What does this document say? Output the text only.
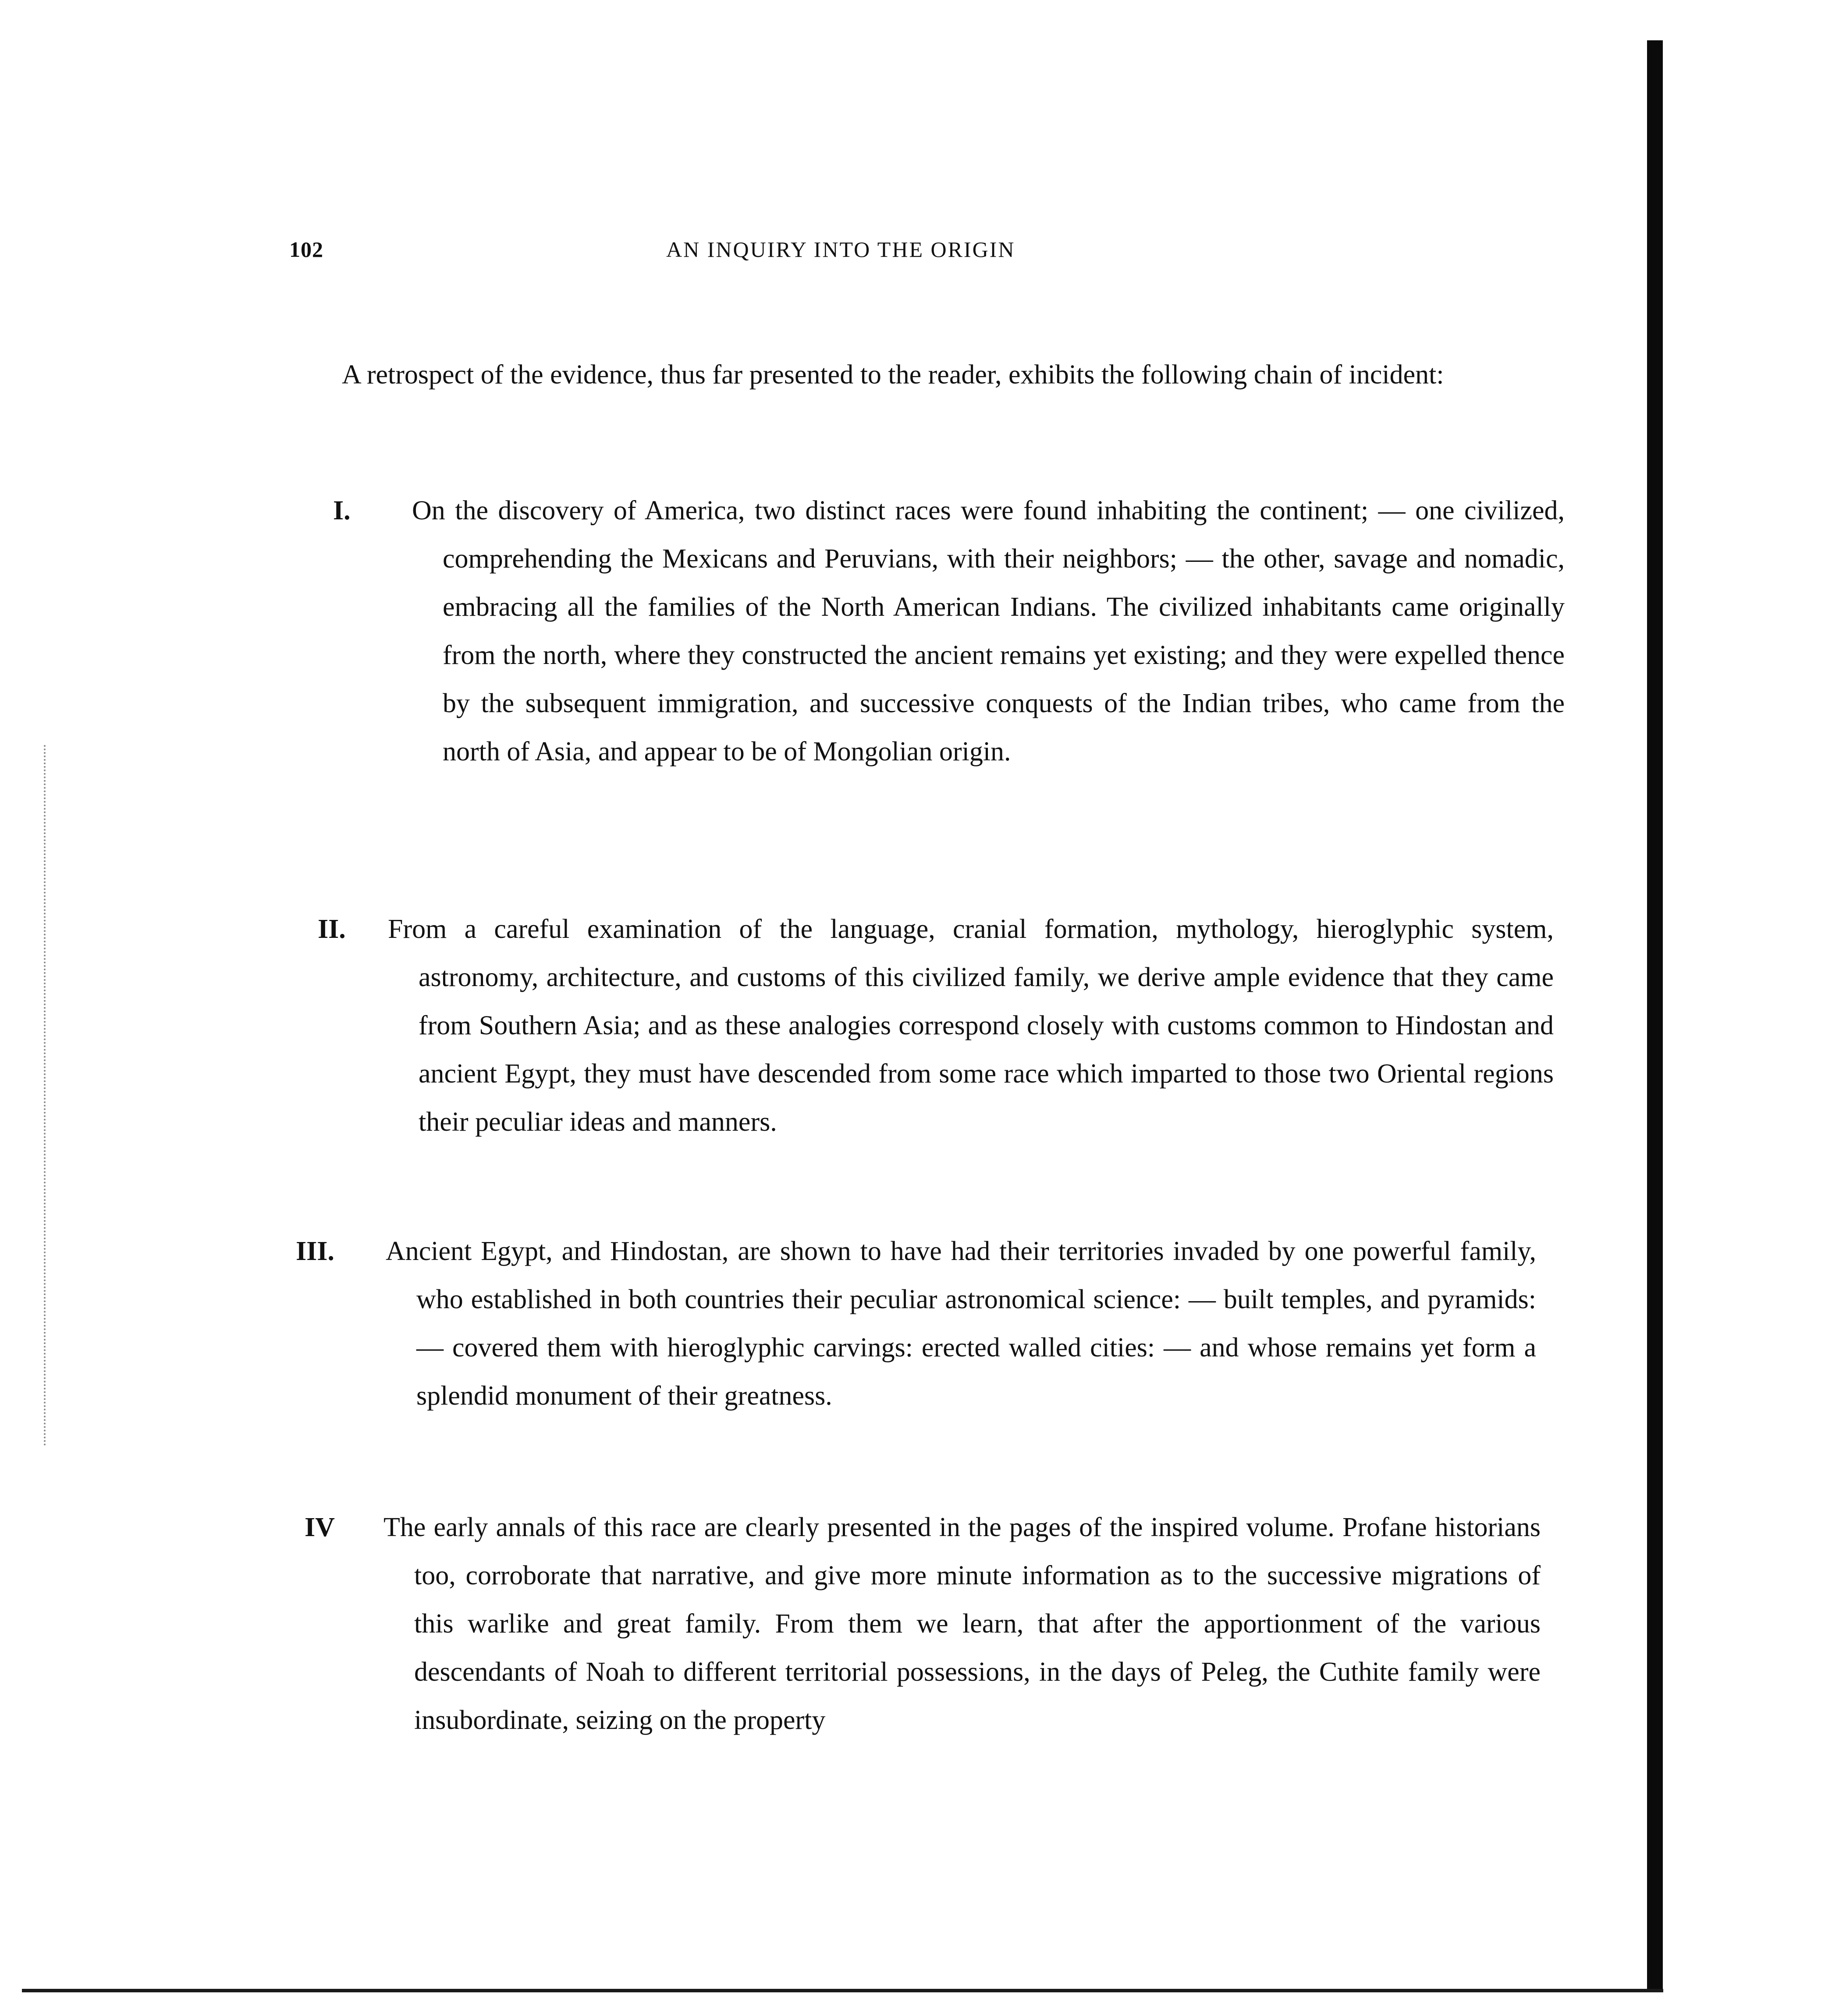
102	AN INQUIRY INTO THE ORIGIN
A retrospect of the evidence, thus far presented to the reader, exhibits the following chain of incident:
I. On the discovery of America, two distinct races were found inhabiting the continent; — one civilized, comprehending the Mexicans and Peruvians, with their neighbors; — the other, savage and nomadic, embracing all the families of the North American Indians. The civilized inhabitants came originally from the north, where they constructed the ancient remains yet existing; and they were expelled thence by the subsequent immigration, and successive conquests of the Indian tribes, who came from the north of Asia, and appear to be of Mongolian origin.
II. From a careful examination of the language, cranial formation, mythology, hieroglyphic system, astronomy, architecture, and customs of this civilized family, we derive ample evidence that they came from Southern Asia; and as these analogies correspond closely with customs common to Hindostan and ancient Egypt, they must have descended from some race which imparted to those two Oriental regions their peculiar ideas and manners.
III. Ancient Egypt, and Hindostan, are shown to have had their territories invaded by one powerful family, who established in both countries their peculiar astronomical science: — built temples, and pyramids: — covered them with hieroglyphic carvings: erected walled cities: — and whose remains yet form a splendid monument of their greatness.
IV The early annals of this race are clearly presented in the pages of the inspired volume. Profane historians too, corroborate that narrative, and give more minute information as to the successive migrations of this warlike and great family. From them we learn, that after the apportionment of the various descendants of Noah to different territorial possessions, in the days of Peleg, the Cuthite family were insubordinate, seizing on the property
